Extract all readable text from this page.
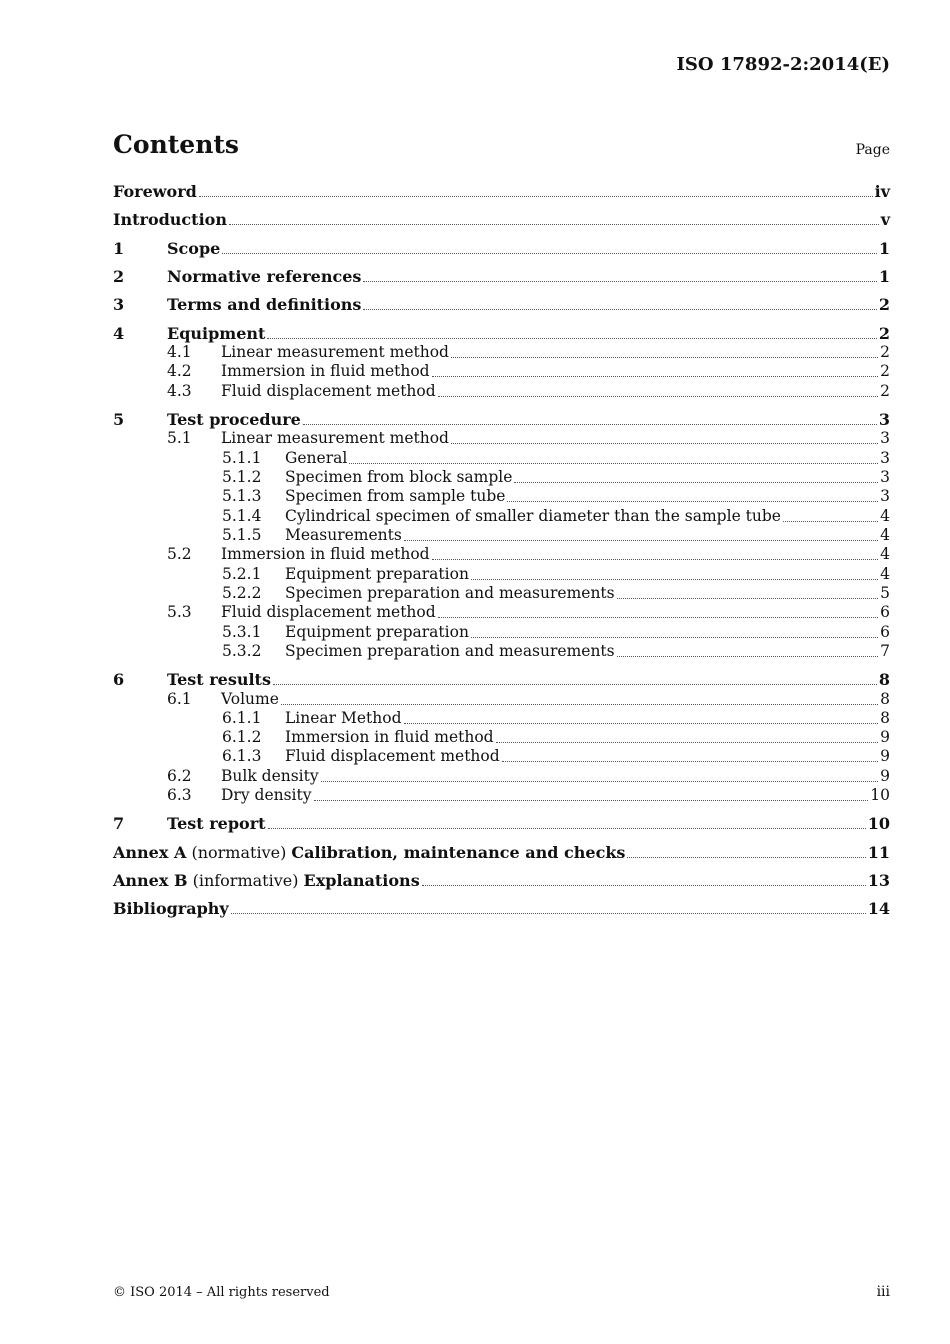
ISO 17892-2:2014(E)
Contents	Page
Foreword	iv
Introduction	v
1	Scope	1
2	Normative references	1
3	Terms and definitions	2
4	Equipment	2
4.1	Linear measurement method	2
4.2	Immersion in fluid method	2
4.3	Fluid displacement method	2
5	Test procedure	3
5.1	Linear measurement method	3
5.1.1	General	3
5.1.2	Specimen from block sample	3
5.1.3	Specimen from sample tube	3
5.1.4	Cylindrical specimen of smaller diameter than the sample tube	4
5.1.5	Measurements	4
5.2	Immersion in fluid method	4
5.2.1	Equipment preparation	4
5.2.2	Specimen preparation and measurements	5
5.3	Fluid displacement method	6
5.3.1	Equipment preparation	6
5.3.2	Specimen preparation and measurements	7
6	Test results	8
6.1	Volume	8
6.1.1	Linear Method	8
6.1.2	Immersion in fluid method	9
6.1.3	Fluid displacement method	9
6.2	Bulk density	9
6.3	Dry density	10
7	Test report	10
Annex A (normative) Calibration, maintenance and checks	11
Annex B (informative) Explanations	13
Bibliography	14
© ISO 2014 – All rights reserved	iii
